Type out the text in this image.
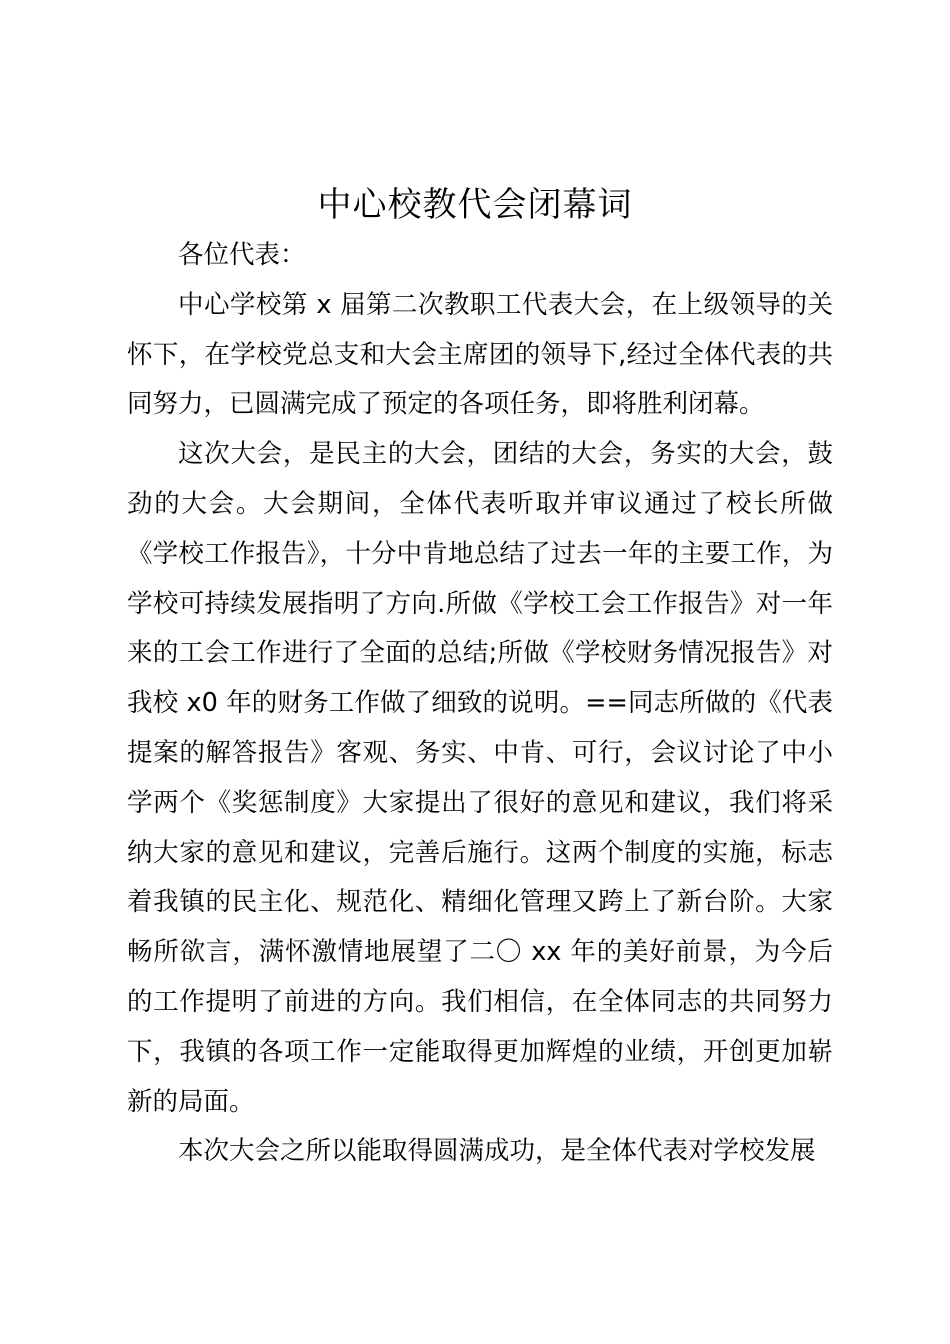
中心校教代会闭幕词

各位代表：

中心学校第 x 届第二次教职工代表大会，在上级领导的关怀下，在学校党总支和大会主席团的领导下,经过全体代表的共同努力，已圆满完成了预定的各项任务，即将胜利闭幕。

这次大会，是民主的大会，团结的大会，务实的大会，鼓劲的大会。大会期间，全体代表听取并审议通过了校长所做《学校工作报告》，十分中肯地总结了过去一年的主要工作，为学校可持续发展指明了方向.所做《学校工会工作报告》对一年来的工会工作进行了全面的总结;所做《学校财务情况报告》对我校 x0 年的财务工作做了细致的说明。==同志所做的《代表提案的解答报告》客观、务实、中肯、可行，会议讨论了中小学两个《奖惩制度》大家提出了很好的意见和建议，我们将采纳大家的意见和建议，完善后施行。这两个制度的实施，标志着我镇的民主化、规范化、精细化管理又跨上了新台阶。大家畅所欲言，满怀激情地展望了二〇 xx 年的美好前景，为今后的工作提明了前进的方向。我们相信，在全体同志的共同努力下，我镇的各项工作一定能取得更加辉煌的业绩，开创更加崭新的局面。

本次大会之所以能取得圆满成功，是全体代表对学校发展
